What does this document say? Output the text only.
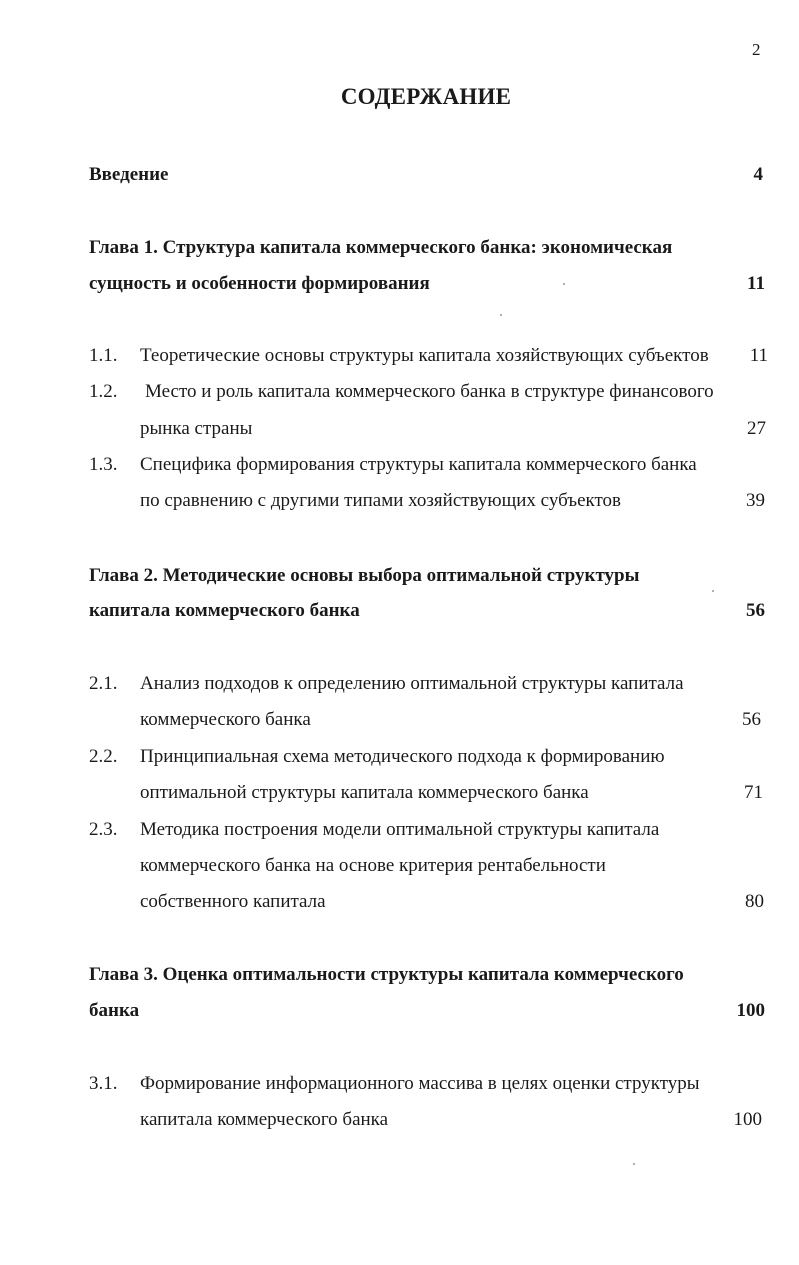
2
СОДЕРЖАНИЕ
Введение	4
Глава 1. Структура капитала коммерческого банка: экономическая
сущность и особенности формирования	11
1.1. Теоретические основы структуры капитала хозяйствующих субъектов 11
1.2. Место и роль капитала коммерческого банка в структуре финансового
рынка страны	27
1.3. Специфика формирования структуры капитала коммерческого банка
по сравнению с другими типами хозяйствующих субъектов	39
Глава 2. Методические основы выбора оптимальной структуры
капитала коммерческого банка	56
2.1. Анализ подходов к определению оптимальной структуры капитала
коммерческого банка	56
2.2. Принципиальная схема методического подхода к формированию
оптимальной структуры капитала коммерческого банка	71
2.3. Методика построения модели оптимальной структуры капитала
коммерческого банка на основе критерия рентабельности
собственного капитала	80
Глава 3. Оценка оптимальности структуры капитала коммерческого
банка	100
3.1. Формирование информационного массива в целях оценки структуры
капитала коммерческого банка	100
